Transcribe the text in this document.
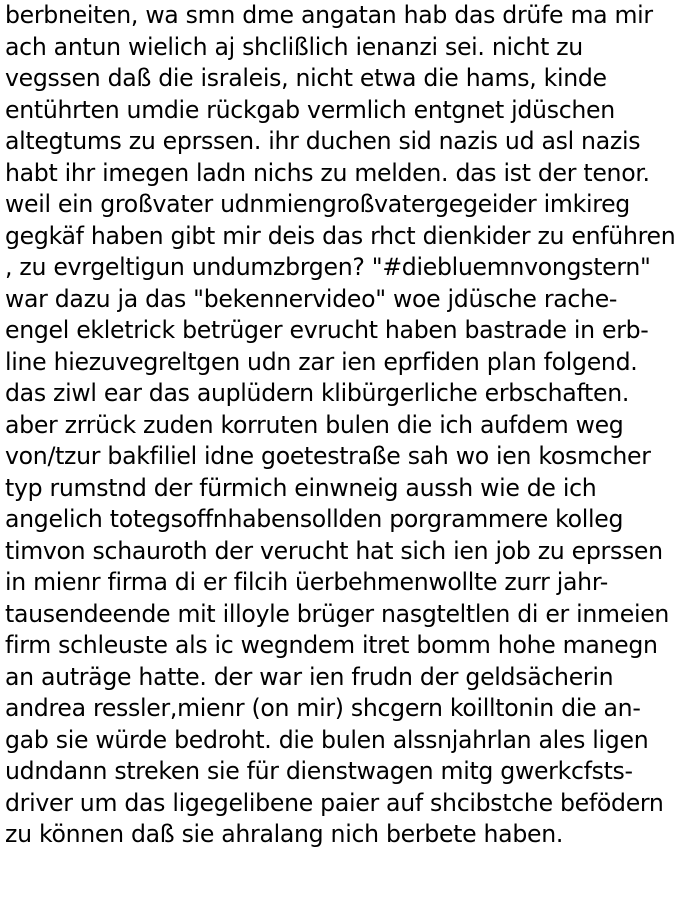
berbneiten, wa smn dme angatan hab das drüfe ma mir
ach antun wielich aj shclißlich ienanzi sei. nicht zu
vegssen daß die isrаleis, nicht etwa die hams, kinde
entührten umdie rückgab vermlich entgnet jdüschen
altegtums zu eprssen. ihr duchen sid nazis ud asl nazis
habt ihr imegen ladn nichs zu melden. das ist der tenor.
weil ein großvater udnmiengroßvatergegeider imkireg
gegkäf haben gibt mir deis das rhct dienkider zu enführen
, zu evrgeltigun undumzbrgen? "#diebluemnvongstern"
war dazu ja das "bekennervideo" woe jdüsche rache-
engel ekletrick betrüger evrucht haben bastrade in erb-
line hiezuvegreltgen udn zar ien eprfiden plan folgend.
das ziwl ear das auplüdern klibürgerliche erbschaften.
aber zrrück zuden korruten bulen die ich aufdem weg
von/tzur bakfiliel idne goetestraße sah wo ien kosmcher
typ rumstnd der fürmich einwneig aussh wie de ich
angelich totegsoffnhabensollden porgrammere kolleg
timvon schauroth der verucht hat sich ien job zu eprssen
in mienr firma di er filcih üerbehmenwollte zurr jahr-
tausendeende mit illoyle brüger nasgteltlen di er inmeien
firm schleuste als ic wegndem itret bomm hohe manegn
an auträge hatte. der war ien frudn der geldsächerin
andrea ressler,mienr (on mir) shcgern koilltonin die an-
gab sie würde bedroht. die bulen alssnjahrlan ales ligen
udndann streken sie für dienstwagen mitg gwerkcfsts-
driver um das ligegelibene paier auf shcibstche befödern
zu können daß sie ahralang nich berbete haben.
